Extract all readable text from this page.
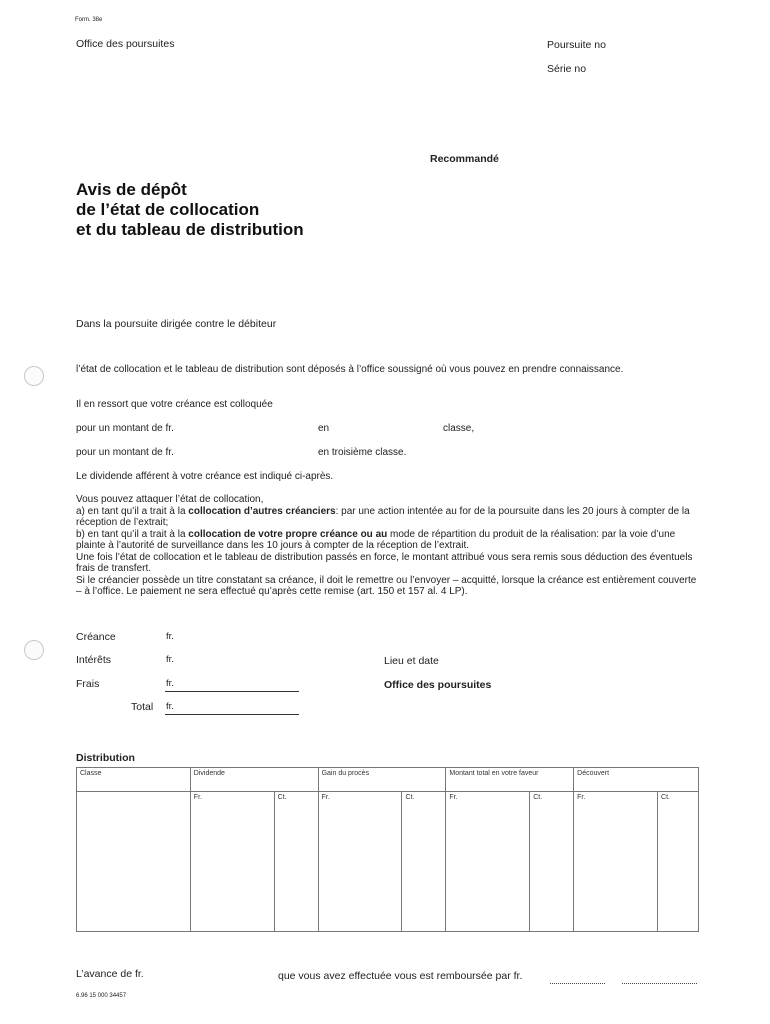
Form. 38e
Office des poursuites	Poursuite no
Série no
Recommandé
Avis de dépôt
de l’état de collocation
et du tableau de distribution
Dans la poursuite dirigée contre le débiteur
l’état de collocation et le tableau de distribution sont déposés à l’office soussigné où vous pouvez en prendre connaissance.
Il en ressort que votre créance est colloquée
pour un montant de fr.	en	classe,
pour un montant de fr.	en troisième classe.
Le dividende afférent à votre créance est indiqué ci-après.
Vous pouvez attaquer l’état de collocation,
a) en tant qu’il a trait à la collocation d’autres créanciers: par une action intentée au for de la poursuite dans les 20 jours à compter de la réception de l’extrait;
b) en tant qu’il a trait à la collocation de votre propre créance ou au mode de répartition du produit de la réalisation: par la voie d’une plainte à l’autorité de surveillance dans les 10 jours à compter de la réception de l’extrait.
Une fois l’état de collocation et le tableau de distribution passés en force, le montant attribué vous sera remis sous déduction des éventuels frais de transfert.
Si le créancier possède un titre constatant sa créance, il doit le remettre ou l’envoyer – acquitté, lorsque la créance est entièrement couverte – à l’office. Le paiement ne sera effectué qu’après cette remise (art. 150 et 157 al. 4 LP).
Créance	fr.
Intérêts	fr.
Frais	fr.
Total fr.
Lieu et date
Office des poursuites
Distribution
Classe	Dividende		Gain du procès		Montant total en votre faveur		Découvert	
	Fr.	Ct.	Fr.	Ct.	Fr.	Ct.	Fr.	Ct.
L’avance de fr.	que vous avez effectuée vous est remboursée par fr.
6.96 15 000 34457
